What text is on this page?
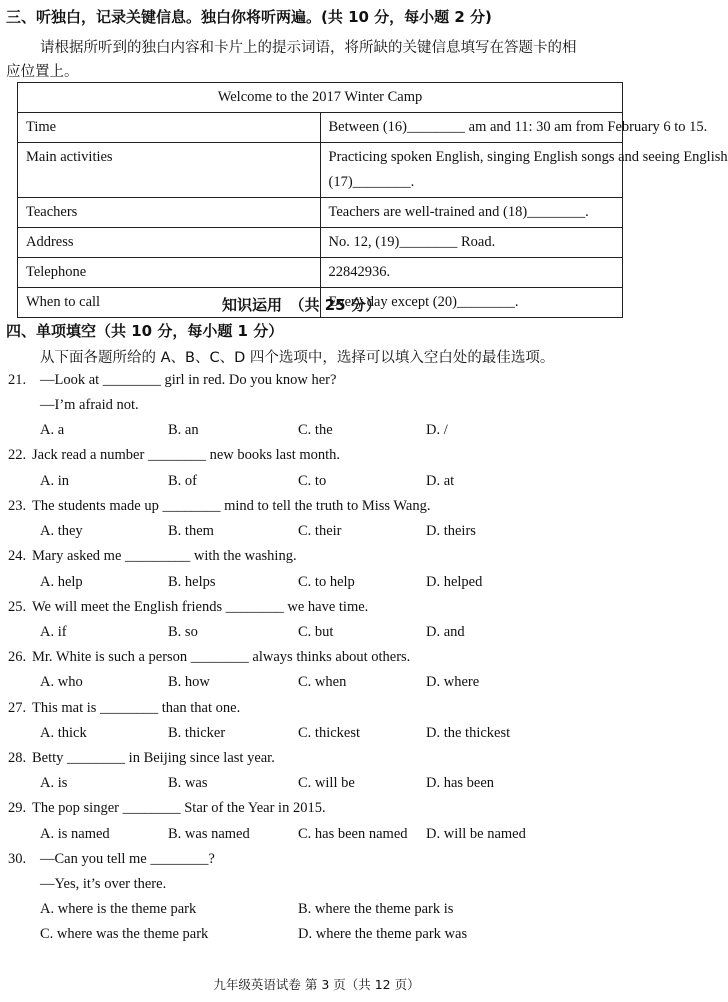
三、听独白，记录关键信息。独白你将听两遍。(共 10 分，每小题 2 分)
请根据所听到的独白内容和卡片上的提示词语，将所缺的关键信息填写在答题卡的相
应位置上。
Welcome to the 2017 Winter Camp	
Time	Between (16)________ am and 11: 30 am from February 6 to 15.
Main activities	Practicing spoken English, singing English songs and seeing English
(17)________.

Teachers	Teachers are well-trained and (18)________.
Address	No. 12, (19)________ Road.
Telephone	22842936.
When to call	Every day except (20)________.
知识运用　（共 25 分）
四、单项填空（共 10 分，每小题 1 分）
从下面各题所给的 A、B、C、D 四个选项中，选择可以填入空白处的最佳选项。
21. —Look at ________ girl in red. Do you know her?
—I’m afraid not.
A. a	B. an	C. the	D. /
22. Jack read a number ________ new books last month.
A. in	B. of	C. to	D. at
23. The students made up ________ mind to tell the truth to Miss Wang.
A. they	B. them	C. their	D. theirs
24. Mary asked me _________ with the washing.
A. help	B. helps	C. to help	D. helped
25. We will meet the English friends ________ we have time.
A. if	B. so	C. but	D. and
26. Mr. White is such a person ________ always thinks about others.
A. who	B. how	C. when	D. where
27. This mat is ________ than that one.
A. thick	B. thicker	C. thickest	D. the thickest
28. Betty ________ in Beijing since last year.
A. is	B. was	C. will be	D. has been
29. The pop singer ________ Star of the Year in 2015.
A. is named	B. was named	C. has been named D. will be named
30. —Can you tell me ________?
—Yes, it’s over there.
A. where is the theme park	B. where the theme park is
C. where was the theme park	D. where the theme park was
九年级英语试卷 第 3 页（共 12 页）
